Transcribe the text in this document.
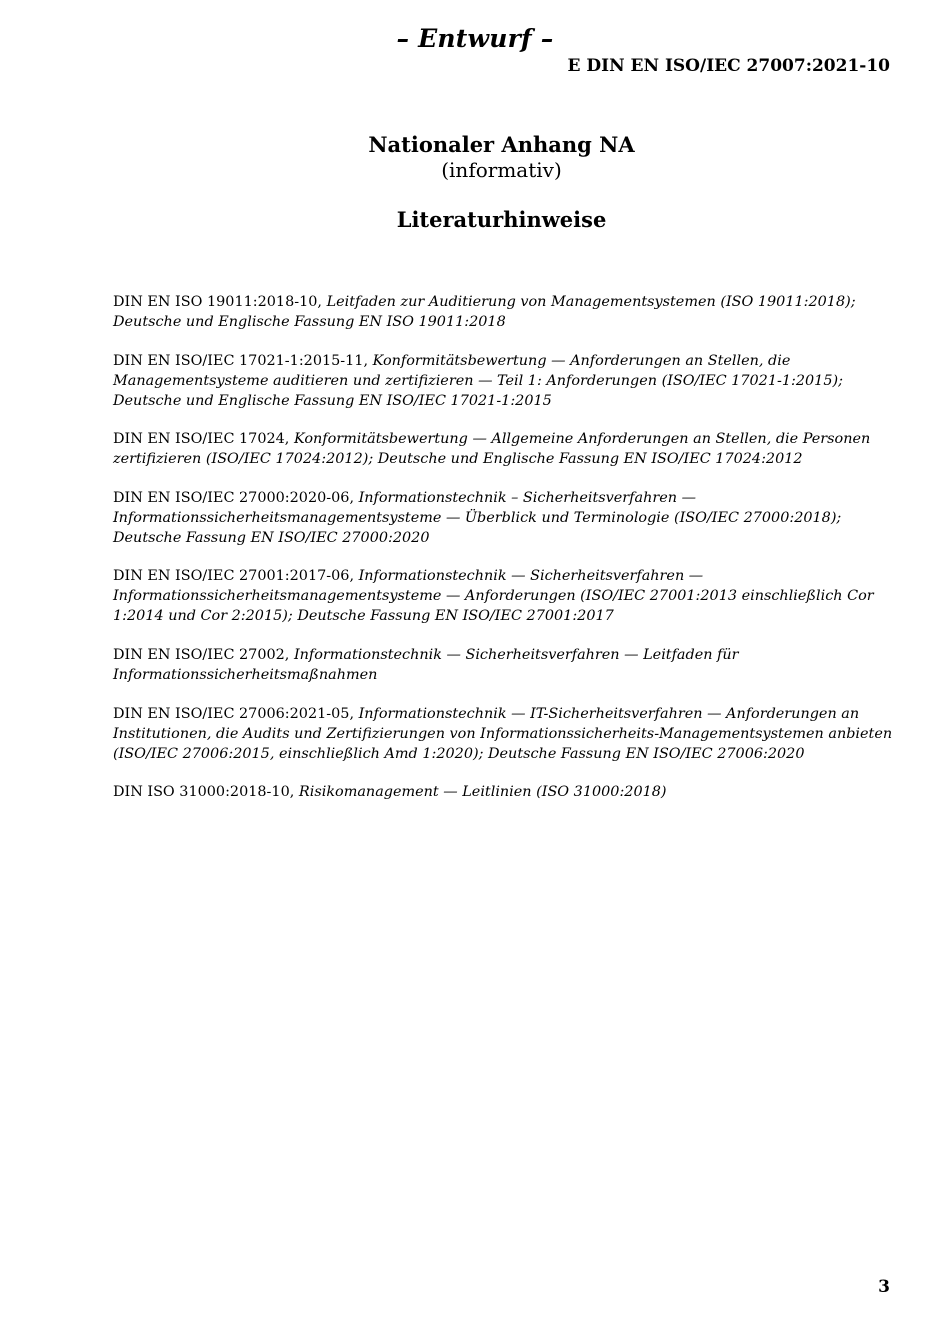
– Entwurf –
E DIN EN ISO/IEC 27007:2021-10
Nationaler Anhang NA
(informativ)
Literaturhinweise

DIN EN ISO 19011:2018-10, Leitfaden zur Auditierung von Managementsystemen (ISO 19011:2018); Deutsche und Englische Fassung EN ISO 19011:2018

DIN EN ISO/IEC 17021-1:2015-11, Konformitätsbewertung — Anforderungen an Stellen, die Managementsysteme auditieren und zertifizieren — Teil 1: Anforderungen (ISO/IEC 17021-1:2015); Deutsche und Englische Fassung EN ISO/IEC 17021-1:2015

DIN EN ISO/IEC 17024, Konformitätsbewertung — Allgemeine Anforderungen an Stellen, die Personen zertifizieren (ISO/IEC 17024:2012); Deutsche und Englische Fassung EN ISO/IEC 17024:2012

DIN EN ISO/IEC 27000:2020-06, Informationstechnik – Sicherheitsverfahren — Informationssicherheitsmanagementsysteme — Überblick und Terminologie (ISO/IEC 27000:2018); Deutsche Fassung EN ISO/IEC 27000:2020

DIN EN ISO/IEC 27001:2017-06, Informationstechnik — Sicherheitsverfahren — Informationssicherheitsmanagementsysteme — Anforderungen (ISO/IEC 27001:2013 einschließlich Cor 1:2014 und Cor 2:2015); Deutsche Fassung EN ISO/IEC 27001:2017

DIN EN ISO/IEC 27002, Informationstechnik — Sicherheitsverfahren — Leitfaden für Informationssicherheitsmaßnahmen

DIN EN ISO/IEC 27006:2021-05, Informationstechnik — IT-Sicherheitsverfahren — Anforderungen an Institutionen, die Audits und Zertifizierungen von Informationssicherheits-Managementsystemen anbieten (ISO/IEC 27006:2015, einschließlich Amd 1:2020); Deutsche Fassung EN ISO/IEC 27006:2020

DIN ISO 31000:2018-10, Risikomanagement — Leitlinien (ISO 31000:2018)

3
